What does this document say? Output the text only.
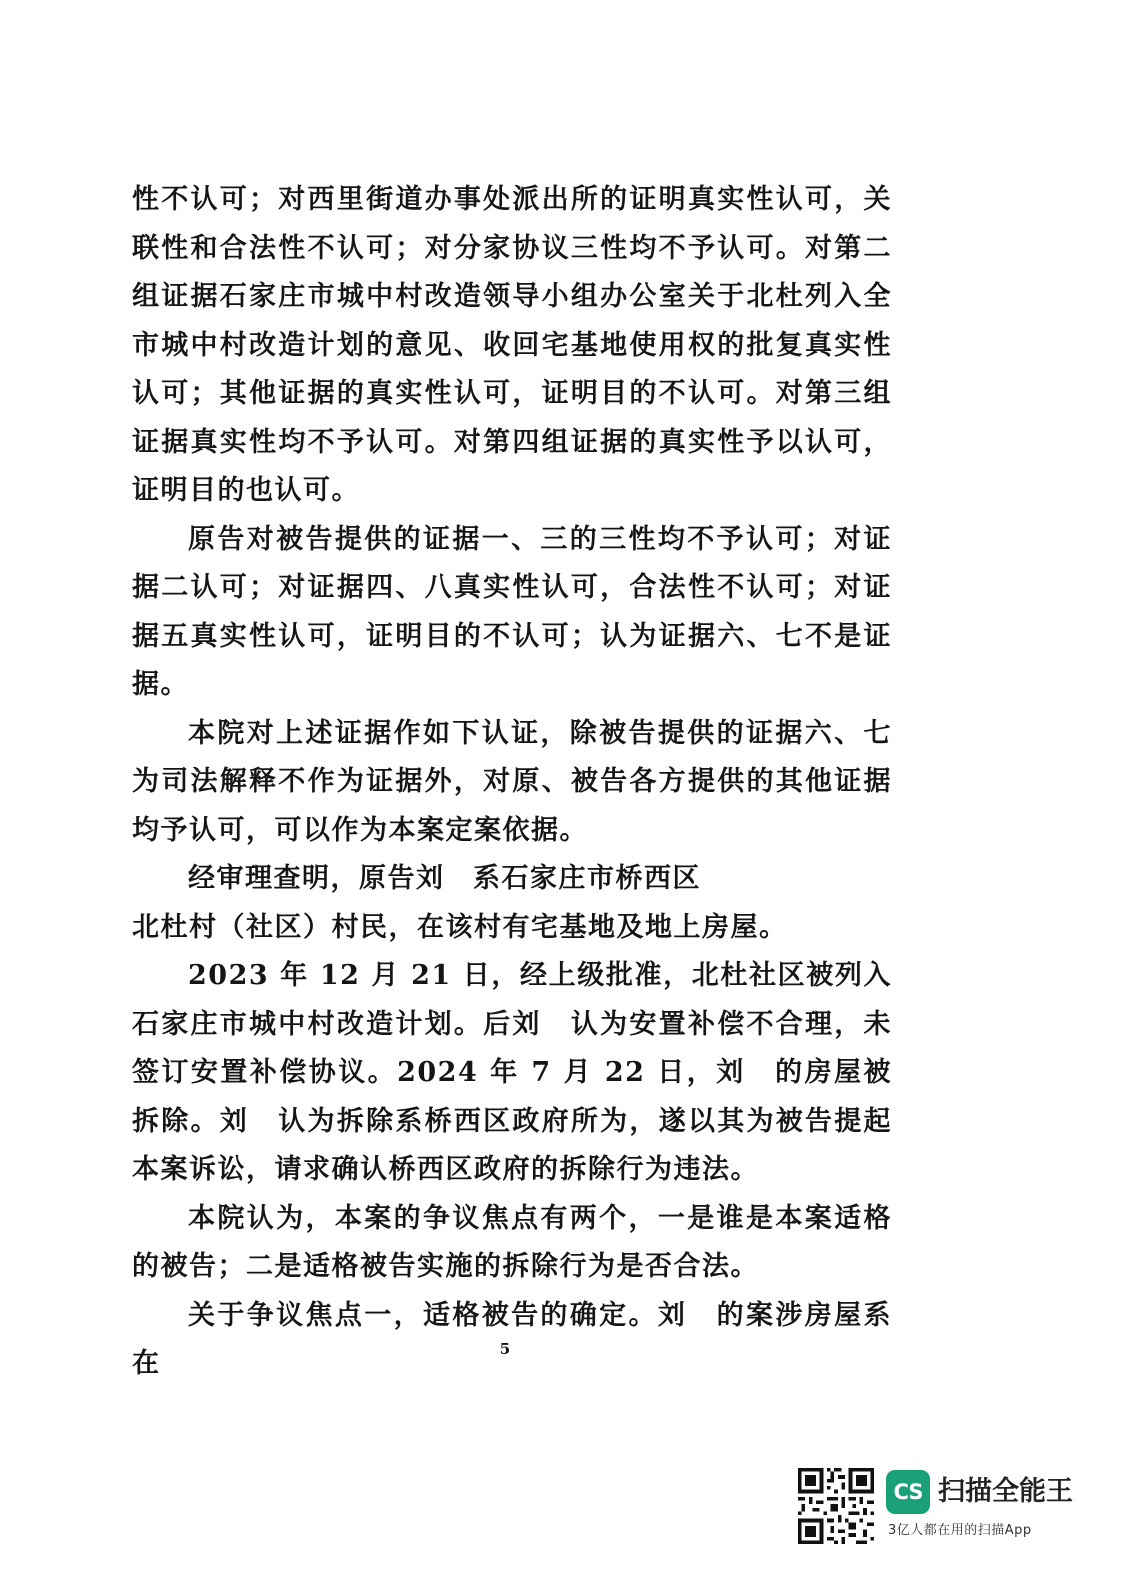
性不认可；对西里街道办事处派出所的证明真实性认可，关联性和合法性不认可；对分家协议三性均不予认可。对第二组证据石家庄市城中村改造领导小组办公室关于北杜列入全市城中村改造计划的意见、收回宅基地使用权的批复真实性认可；其他证据的真实性认可，证明目的不认可。对第三组证据真实性均不予认可。对第四组证据的真实性予以认可，证明目的也认可。

原告对被告提供的证据一、三的三性均不予认可；对证据二认可；对证据四、八真实性认可，合法性不认可；对证据五真实性认可，证明目的不认可；认为证据六、七不是证据。

本院对上述证据作如下认证，除被告提供的证据六、七为司法解释不作为证据外，对原、被告各方提供的其他证据均予认可，可以作为本案定案依据。

经审理查明，原告刘　系石家庄市桥西区
北杜村（社区）村民，在该村有宅基地及地上房屋。

2023 年 12 月 21 日，经上级批准，北杜社区被列入石家庄市城中村改造计划。后刘　认为安置补偿不合理，未签订安置补偿协议。2024 年 7 月 22 日，刘　的房屋被拆除。刘　认为拆除系桥西区政府所为，遂以其为被告提起本案诉讼，请求确认桥西区政府的拆除行为违法。

本院认为，本案的争议焦点有两个，一是谁是本案适格的被告；二是适格被告实施的拆除行为是否合法。

关于争议焦点一，适格被告的确定。刘　的案涉房屋系在	5
CS 扫描全能王
3亿人都在用的扫描App
